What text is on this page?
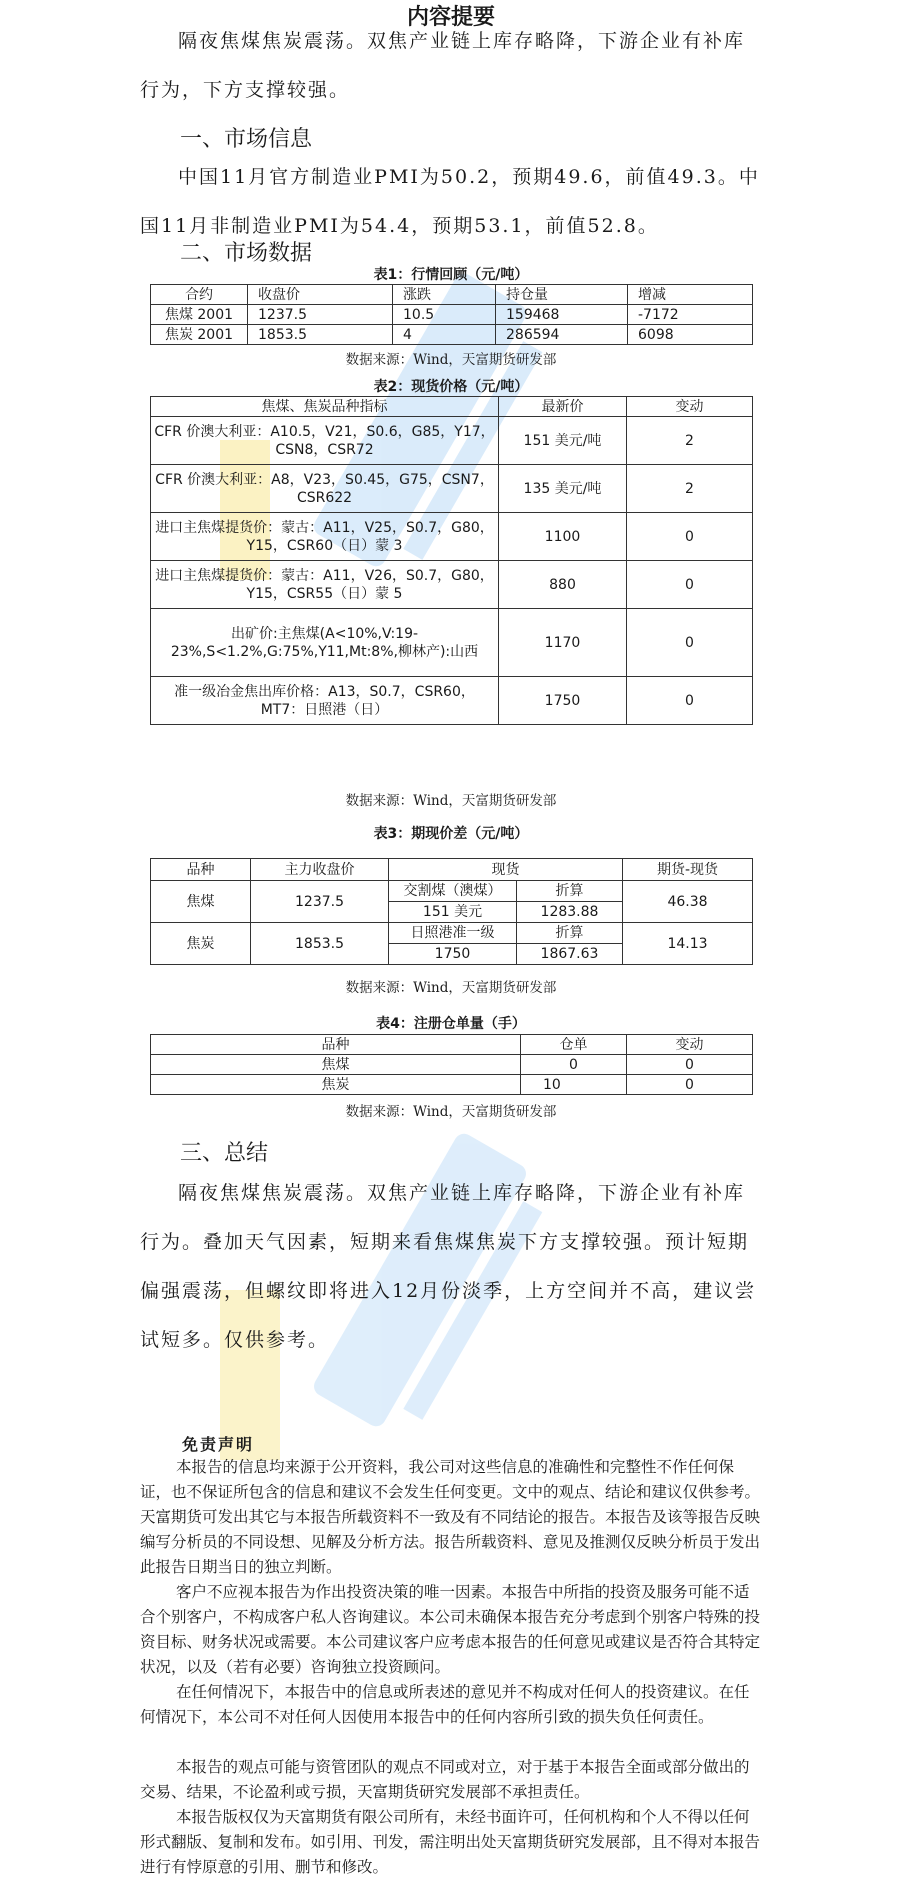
内容提要
隔夜焦煤焦炭震荡。双焦产业链上库存略降，下游企业有补库行为，下方支撑较强。
一、市场信息
中国11月官方制造业PMI为50.2，预期49.6，前值49.3。中国11月非制造业PMI为54.4，预期53.1，前值52.8。
二、市场数据
表1：行情回顾（元/吨）
合约	收盘价	涨跌	持仓量	增减
焦煤 2001	1237.5	10.5	159468	-7172
焦炭 2001	1853.5	4	286594	6098
数据来源：Wind，天富期货研发部
表2：现货价格（元/吨）
焦煤、焦炭品种指标	最新价	变动
CFR 价澳大利亚：A10.5，V21，S0.6，G85，Y17，CSN8，CSR72	151 美元/吨	2
CFR 价澳大利亚：A8，V23，S0.45，G75，CSN7，CSR622	135 美元/吨	2
进口主焦煤提货价：蒙古：A11，V25，S0.7，G80，Y15，CSR60（日）蒙 3	1100	0
进口主焦煤提货价：蒙古：A11，V26，S0.7，G80，Y15，CSR55（日）蒙 5	880	0
出矿价:主焦煤(A<10%,V:19-23%,S<1.2%,G:75%,Y11,Mt:8%,柳林产):山西	1170	0
准一级冶金焦出库价格：A13，S0.7，CSR60，MT7：日照港（日）	1750	0
数据来源：Wind，天富期货研发部
表3：期现价差（元/吨）
品种	主力收盘价	现货		期货-现货
焦煤	1237.5	交割煤（澳煤）	折算	46.38
		151 美元	1283.88	
焦炭	1853.5	日照港准一级	折算	14.13
		1750	1867.63	
数据来源：Wind，天富期货研发部
表4：注册仓单量（手）
品种	仓单	变动
焦煤	0	0
焦炭	10	0
数据来源：Wind，天富期货研发部
三、总结
隔夜焦煤焦炭震荡。双焦产业链上库存略降，下游企业有补库行为。叠加天气因素，短期来看焦煤焦炭下方支撑较强。预计短期偏强震荡，但螺纹即将进入12月份淡季，上方空间并不高，建议尝试短多。仅供参考。
免责声明
本报告的信息均来源于公开资料，我公司对这些信息的准确性和完整性不作任何保证，也不保证所包含的信息和建议不会发生任何变更。文中的观点、结论和建议仅供参考。天富期货可发出其它与本报告所载资料不一致及有不同结论的报告。本报告及该等报告反映编写分析员的不同设想、见解及分析方法。报告所载资料、意见及推测仅反映分析员于发出此报告日期当日的独立判断。
客户不应视本报告为作出投资决策的唯一因素。本报告中所指的投资及服务可能不适合个别客户，不构成客户私人咨询建议。本公司未确保本报告充分考虑到个别客户特殊的投资目标、财务状况或需要。本公司建议客户应考虑本报告的任何意见或建议是否符合其特定状况，以及（若有必要）咨询独立投资顾问。
在任何情况下，本报告中的信息或所表述的意见并不构成对任何人的投资建议。在任何情况下，本公司不对任何人因使用本报告中的任何内容所引致的损失负任何责任。
本报告的观点可能与资管团队的观点不同或对立，对于基于本报告全面或部分做出的交易、结果，不论盈利或亏损，天富期货研究发展部不承担责任。
本报告版权仅为天富期货有限公司所有，未经书面许可，任何机构和个人不得以任何形式翻版、复制和发布。如引用、刊发，需注明出处天富期货研究发展部，且不得对本报告进行有悖原意的引用、删节和修改。
